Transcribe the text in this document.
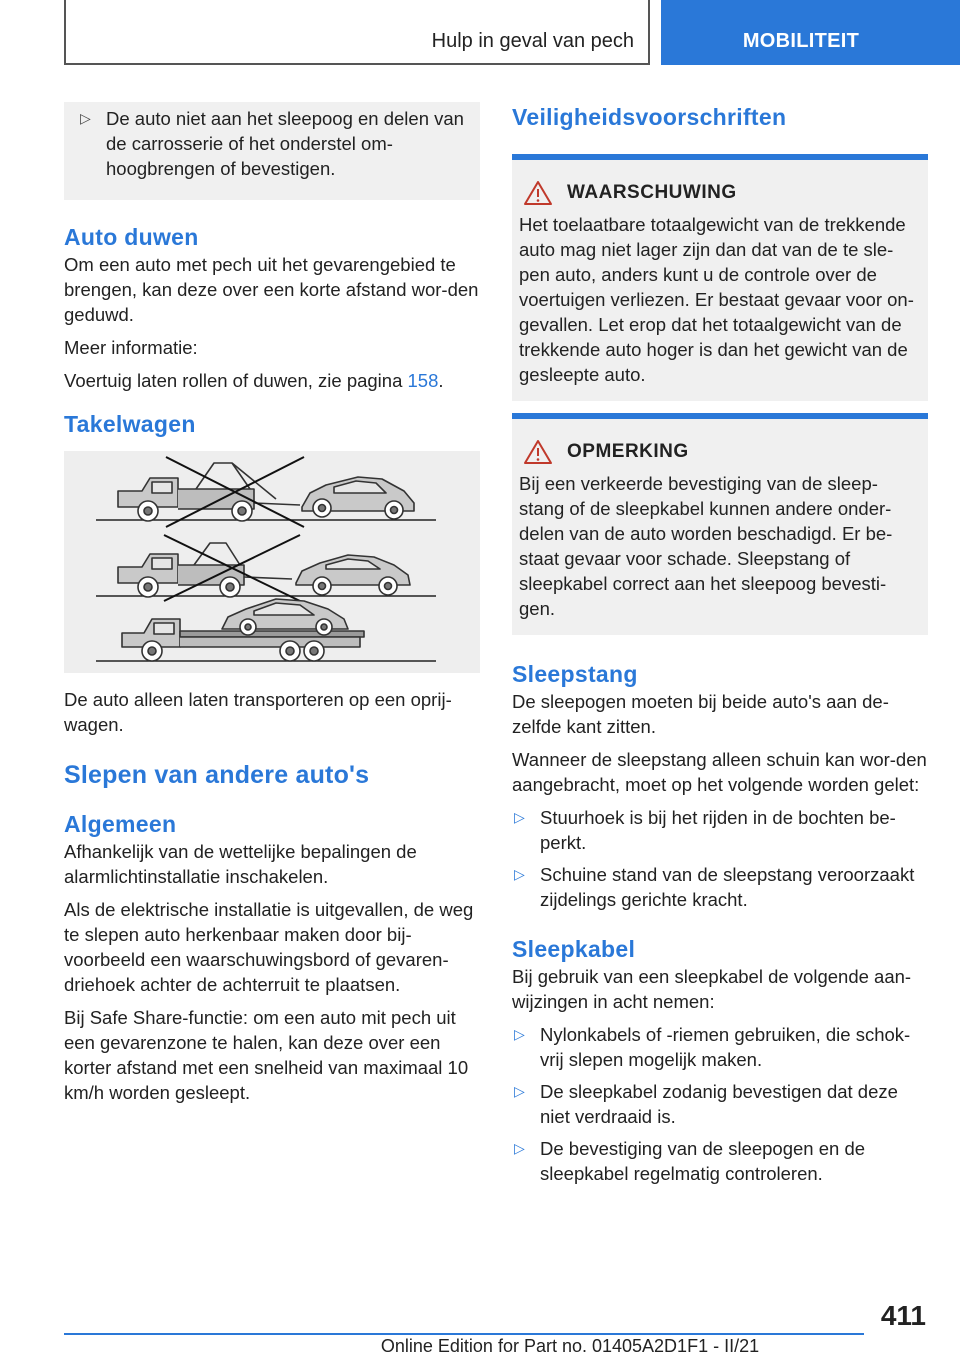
Hulp in geval van pech	MOBILITEIT
▷ De auto niet aan het sleepoog en delen van de carrosserie of het onderstel om-hoogbrengen of bevestigen.
Auto duwen

Om een auto met pech uit het gevarengebied te brengen, kan deze over een korte afstand wor-den geduwd.

Meer informatie:

Voertuig laten rollen of duwen, zie pagina 158.

Takelwagen

De auto alleen laten transporteren op een oprij-wagen.

Slepen van andere auto's
Algemeen

Afhankelijk van de wettelijke bepalingen de alarmlichtinstallatie inschakelen.

Als de elektrische installatie is uitgevallen, de weg te slepen auto herkenbaar maken door bij-voorbeeld een waarschuwingsbord of gevaren-driehoek achter de achterruit te plaatsen.

Bij Safe Share-functie: om een auto mit pech uit een gevarenzone te halen, kan deze over een korter afstand met een snelheid van maximaal 10 km/h worden gesleept.

Veiligheidsvoorschriften
WAARSCHUWING

Het toelaatbare totaalgewicht van de trekkende auto mag niet lager zijn dan dat van de te sle-pen auto, anders kunt u de controle over de voertuigen verliezen. Er bestaat gevaar voor on-gevallen. Let erop dat het totaalgewicht van de trekkende auto hoger is dan het gewicht van de gesleepte auto.

OPMERKING

Bij een verkeerde bevestiging van de sleep-stang of de sleepkabel kunnen andere onder-delen van de auto worden beschadigd. Er be-staat gevaar voor schade. Sleepstang of sleepkabel correct aan het sleepoog bevesti-gen.

Sleepstang

De sleepogen moeten bij beide auto's aan de-zelfde kant zitten.

Wanneer de sleepstang alleen schuin kan wor-den aangebracht, moet op het volgende worden gelet:

▷ Stuurhoek is bij het rijden in de bochten be-perkt.
▷ Schuine stand van de sleepstang veroorzaakt zijdelings gerichte kracht.
Sleepkabel

Bij gebruik van een sleepkabel de volgende aan-wijzingen in acht nemen:

▷ Nylonkabels of -riemen gebruiken, die schok-vrij slepen mogelijk maken.
▷ De sleepkabel zodanig bevestigen dat deze niet verdraaid is.
▷ De bevestiging van de sleepogen en de sleepkabel regelmatig controleren.
411
Online Edition for Part no. 01405A2D1F1 - II/21
